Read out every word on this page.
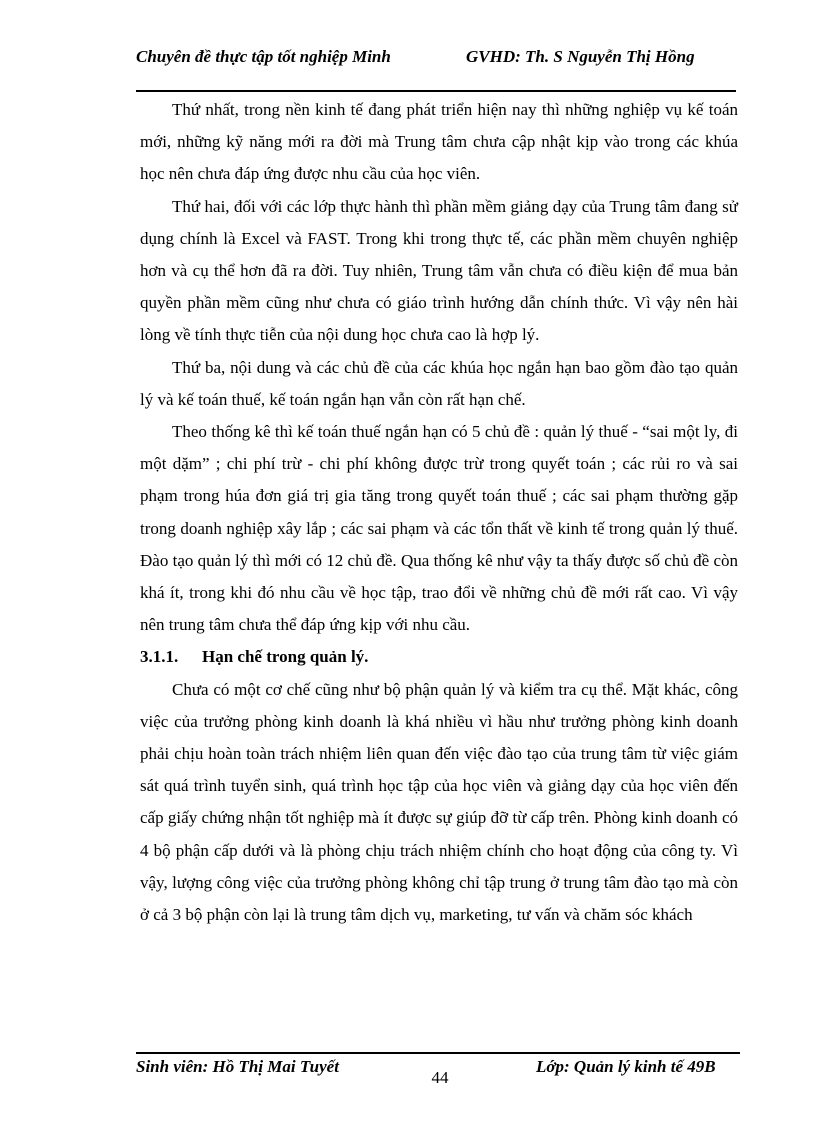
Chuyên đề thực tập tốt nghiệp Minh	GVHD: Th. S Nguyễn Thị Hồng

Thứ nhất, trong nền kinh tế đang phát triển hiện nay thì những nghiệp vụ kế toán mới, những kỹ năng mới ra đời mà Trung tâm chưa cập nhật kịp vào trong các khúa học nên chưa đáp ứng được nhu cầu của học viên.

Thứ hai, đối với các lớp thực hành thì phần mềm giảng dạy của Trung tâm đang sử dụng chính là Excel và FAST. Trong khi trong thực tế, các phần mềm chuyên nghiệp hơn và cụ thể hơn đã ra đời. Tuy nhiên, Trung tâm vẫn chưa có điều kiện để mua bản quyền phần mềm cũng như chưa có giáo trình hướng dẫn chính thức. Vì vậy nên hài lòng về tính thực tiễn của nội dung học chưa cao là hợp lý.

Thứ ba, nội dung và các chủ đề của các khúa học ngắn hạn bao gồm đào tạo quản lý và kế toán thuế, kế toán ngắn hạn vẫn còn rất hạn chế.

Theo thống kê thì kế toán thuế ngắn hạn có 5 chủ đề : quản lý thuế - “sai một ly, đi một dặm” ; chi phí trừ - chi phí không được trừ trong quyết toán ; các rủi ro và sai phạm trong húa đơn giá trị gia tăng trong quyết toán thuế ; các sai phạm thường gặp trong doanh nghiệp xây lắp ; các sai phạm và các tổn thất về kinh tế trong quản lý thuế. Đào tạo quản lý thì mới có 12 chủ đề. Qua thống kê như vậy ta thấy được số chủ đề còn khá ít, trong khi đó nhu cầu về học tập, trao đổi về những chủ đề mới rất cao. Vì vậy nên trung tâm chưa thể đáp ứng kịp với nhu cầu.

3.1.1. Hạn chế trong quản lý.

Chưa có một cơ chế cũng như bộ phận quản lý và kiểm tra cụ thể. Mặt khác, công việc của trưởng phòng kinh doanh là khá nhiều vì hầu như trưởng phòng kinh doanh phải chịu hoàn toàn trách nhiệm liên quan đến việc đào tạo của trung tâm từ việc giám sát quá trình tuyển sinh, quá trình học tập của học viên và giảng dạy của học viên đến cấp giấy chứng nhận tốt nghiệp mà ít được sự giúp đỡ từ cấp trên. Phòng kinh doanh có 4 bộ phận cấp dưới và là phòng chịu trách nhiệm chính cho hoạt động của công ty. Vì vậy, lượng công việc của trưởng phòng không chỉ tập trung ở trung tâm đào tạo mà còn ở cả 3 bộ phận còn lại là trung tâm dịch vụ, marketing, tư vấn và chăm sóc khách

Sinh viên: Hồ Thị Mai Tuyết
44
Lớp: Quản lý kinh tế 49B
